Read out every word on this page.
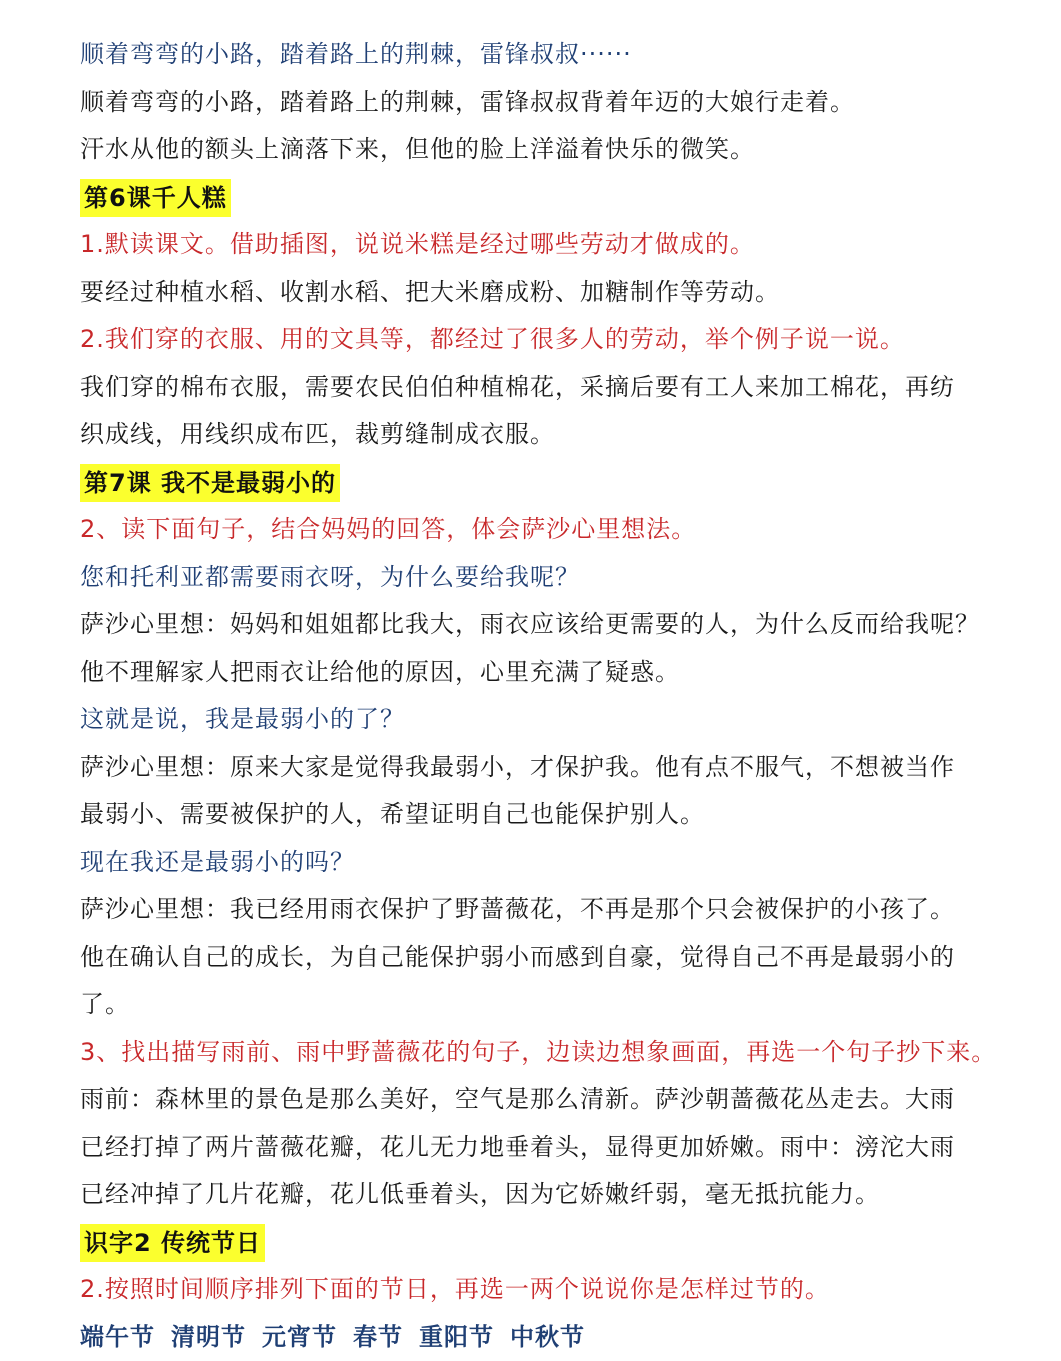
顺着弯弯的小路，踏着路上的荆棘，雷锋叔叔······
顺着弯弯的小路，踏着路上的荆棘，雷锋叔叔背着年迈的大娘行走着。
汗水从他的额头上滴落下来，但他的脸上洋溢着快乐的微笑。
第6课千人糕
1.默读课文。借助插图，说说米糕是经过哪些劳动才做成的。
要经过种植水稻、收割水稻、把大米磨成粉、加糖制作等劳动。
2.我们穿的衣服、用的文具等，都经过了很多人的劳动，举个例子说一说。
我们穿的棉布衣服，需要农民伯伯种植棉花，采摘后要有工人来加工棉花，再纺
织成线，用线织成布匹，裁剪缝制成衣服。
第7课 我不是最弱小的
2、读下面句子，结合妈妈的回答，体会萨沙心里想法。
您和托利亚都需要雨衣呀，为什么要给我呢？
萨沙心里想：妈妈和姐姐都比我大，雨衣应该给更需要的人，为什么反而给我呢？
他不理解家人把雨衣让给他的原因，心里充满了疑惑。
这就是说，我是最弱小的了？
萨沙心里想：原来大家是觉得我最弱小，才保护我。他有点不服气，不想被当作
最弱小、需要被保护的人，希望证明自己也能保护别人。
现在我还是最弱小的吗？
萨沙心里想：我已经用雨衣保护了野蔷薇花，不再是那个只会被保护的小孩了。
他在确认自己的成长，为自己能保护弱小而感到自豪，觉得自己不再是最弱小的
了。
3、找出描写雨前、雨中野蔷薇花的句子，边读边想象画面，再选一个句子抄下来。
雨前：森林里的景色是那么美好，空气是那么清新。萨沙朝蔷薇花丛走去。大雨
已经打掉了两片蔷薇花瓣，花儿无力地垂着头，显得更加娇嫩。雨中：滂沱大雨
已经冲掉了几片花瓣，花儿低垂着头，因为它娇嫩纤弱，毫无抵抗能力。
识字2 传统节日
2.按照时间顺序排列下面的节日，再选一两个说说你是怎样过节的。
端午节 清明节 元宵节 春节 重阳节 中秋节
